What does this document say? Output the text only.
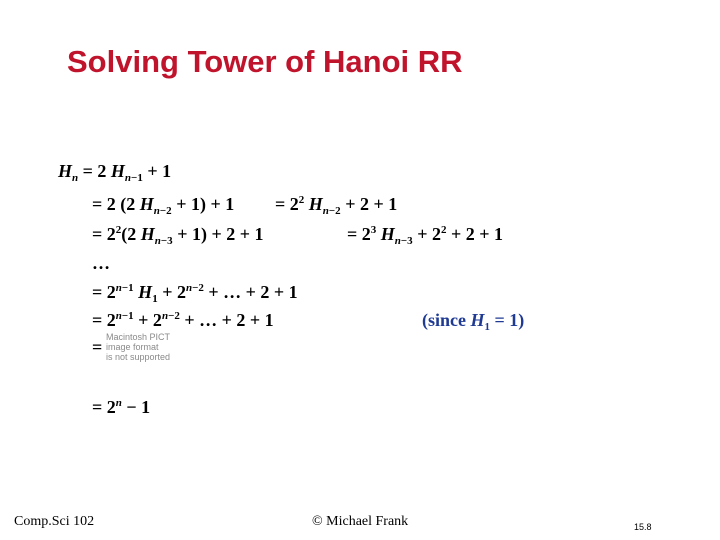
Solving Tower of Hanoi RR
$H_n = 2$ $H_{n-1} + 1$
= 2 (2 $H_{n-2} + 1) + 1 = 2^2$ $H_{n-2} + 2 + 1$
= $2^2(2$ $H_{n-3} + 1) + 2 + 1$	= $2^3$ $H_{n-3} + 2^2 + 2 + 1$
…
= $2^{n-1}$ $H_1 + 2^{n-2}$ + … + 2 + 1
= $2^{n-1} + 2^{n-2}$ + … + 2 + 1	(since $H_1 = 1$)
= Macintosh PICT
image format
is not supported
= $2^n - 1$
Comp.Sci 102	© Michael Frank	15.8
